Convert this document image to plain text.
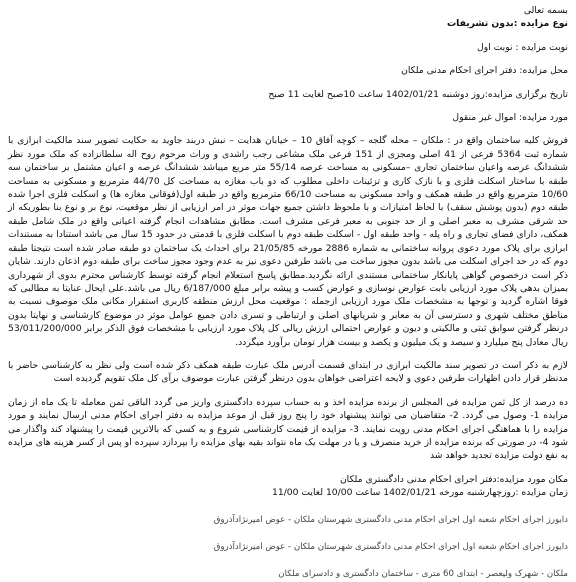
بسمه تعالی
نوع مزایده :بدون تشریفات
نوبت مزایده : نوبت اول
محل مزایده: دفتر اجرای احکام مدنی ملکان
تاریخ برگزاری مزایده:روز دوشنبه 1402/01/21 ساعت 10صبح لغایت 11 صبح
مورد مزایده: اموال غیر منقول
فروش کلیه ساختمان واقع در : ملکان – محله گلجه – کوچه آفاق 10 – خیابان هدایت – نبش دربند جاوید به حکایت تصویر سند مالکیت ابرازی با شماره ثبت 5364 فرعی از 41 اصلی ومجزی از 151 فرعی ملک مشاعی رجب راشدی و وراث مرحوم روح اله سلطانزاده که ملک مورد نظر ششدانگ عرصه واعیان ساختمان تجاری –مسکونی به مساحت عرصه 55/14 متر مربع میباشد ششدانگ عرصه و اعیان مشتمل بر ساختمان سه طبقه با ساختار اسکلت فلزی و با نازک کاری و تزئینات داخلی مطلوب که دو باب مغازه به مساحت کل 44/70 مترمربع و مسکونی به مساحت 10/60 مترمربع واقع در طبقه همکف و واحد مسکونی به مساحت 66/10 مترمربع واقع در طبقه اول(فوقانی مغازه ها) و اسکلت فلزی اجرا شده طبقه دوم (بدون پوشش سقف) با لحاظ امتیازات و با ملحوظ داشتن جمیع جهات موثر در امر ارزیابی از نظر موقعیت، نوع بر و نوع بنا بطوریکه از حد شرقی مشرف به معبر اصلی و از حد جنوبی به معبر فرعی مشرف است. مطابق مشاهدات انجام گرفته اعیانی واقع در ملک شامل طبقه همکف، دارای فضای تجاری و راه پله - واحد طبقه اول - اسکلت طبقه دوم با اسکلت فلزی با قدمتی در حدود 15 سال می باشد استنادا به مستندات ابرازی برای پلاک مورد دعوی پروانه ساختمانی به شماره 2886 مورخه 21/05/85 برای احداث یک ساختمان دو طبقه صادر شده است نتیجتا طبقه دوم که در حد اجرای اسکلت می باشد بدون مجوز ساخت می باشد طرفین دعوی نیز به عدم وجود مجوز ساخت برای طبقه دوم اذعان دارند. شایان ذکر است درخصوص گواهی پایانکار ساختمانی مستندی ارائه نگردید.مطابق پاسخ استعلام انجام گرفته توسط کارشناس محترم بدوی از شهرداری بمیزان بدهی پلاک مورد ارزیابی بابت عوارض نوسازی و عوارض کسب و پیشه برابر مبلغ 6/187/000 ریال می باشد.علی ایحال عنایتا به مطالبی که فوقا اشاره گردید و توجها به مشخصات ملک مورد ارزیابی ازجمله : موقعیت محل ارزش منطقه کاربری استقرار مکانی ملک موصوف نسبت به مناطق مختلف شهری و دسترسی آن به معابر و شریانهای اصلی و ارتباطی و تسری دادن جمیع عوامل موثر در موضوع کارشناسی و نهایتا بدون درنظر گرفتن سوابق ثبتی و مالکیتی و دیون و عوارض احتمالی ارزش ریالی کل پلاک مورد ارزیابی با مشخصات فوق الذکر برابر 53/011/200/000 ریال معادل پنج میلیارد و سیصد و یک میلیون و یکصد و بیست هزار تومان برآورد میگردد.
لازم به ذکر است در تصویر سند مالکیت ابرازی در ابتدای قسمت آدرس ملک عبارت طبقه همکف ذکر شده است ولی نظر به کارشناسی حاضر با مدنظر قرار دادن اظهارات طرفین دعوی و لایحه اعتراضی خواهان بدون درنظر گرفتن عبارت موصوف برآی کل ملک تقویم گردیده است
ده درصد از کل ثمن مزایده فی المجلس از برنده مزایده اخذ و به حساب سپرده دادگستری واریز می گردد الباقی ثمن معامله تا یک ماه از زمان مزایده 1- وصول می گردد. 2- متقاضیان می توانند پیشنهاد خود را پنج روز قبل از موعد مزایده به دفتر اجرای احکام مدنی ارسال نمایند و مورد مزایده را با هماهنگی اجرای احکام مدنی رویت نمایند. 3- مزایده از قیمت کارشناسی شروع و به کسی که بالاترین قیمت را پیشنهاد کند واگذار می شود 4- در صورتی که برنده مزایده از خرید منصرف و یا در مهلت یک ماه نتواند بقیه بهای مزایده را بپردازد سپرده او پس از کسر هزینه های مزایده به نفع دولت مزایده تجدید خواهد شد
مکان مورد مزایده:دفتر اجرای احکام مدنی دادگستری ملکان
زمان مزایده :روزچهارشنبه مورخه 1402/01/21 ساعت 10/00 لغایت 11/00
دایورز اجرای احکام شعبه اول اجرای احکام مدنی دادگستری شهرستان ملکان - عوض امیرنژادآذروق
دایورز اجرای احکام شعبه اول اجرای احکام مدنی دادگستری شهرستان ملکان - عوض امیرنژادآذروق
ملکان - شهرک ولیعصر - ابتدای 60 متری - ساختمان دادگستری و دادسرای ملکان
